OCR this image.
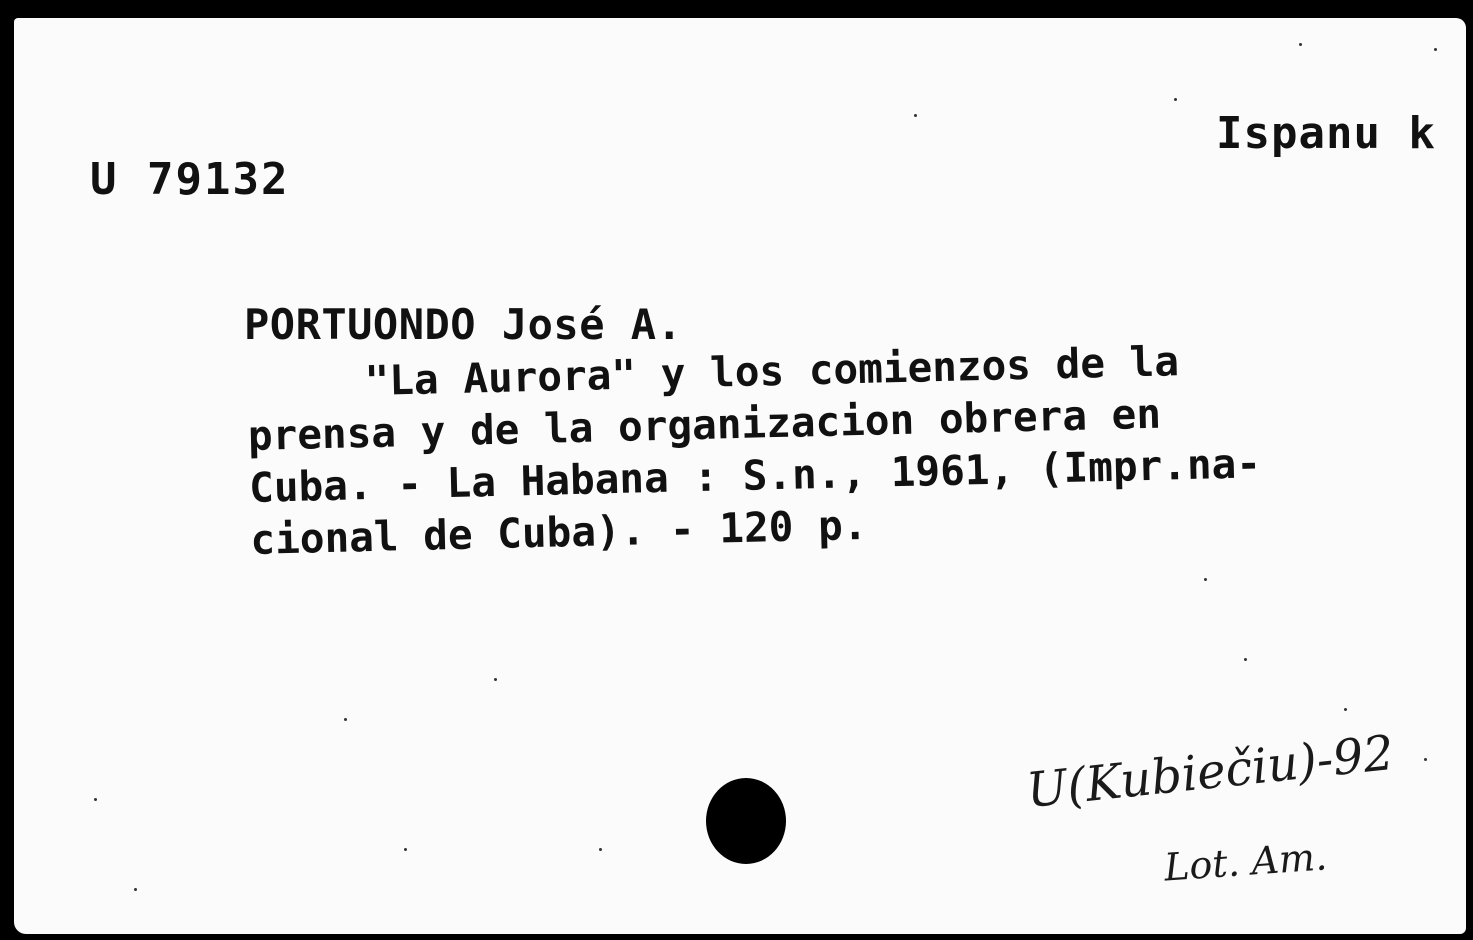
U 79132
Ispanu k
PORTUONDO José A.

"La Aurora" y los comienzos de la
prensa y de la organizacion obrera en
Cuba. - La Habana : S.n., 1961, (Impr.na-
cional de Cuba). - 120 p.

U(Kubiečiu)-92
Lot. Am.
